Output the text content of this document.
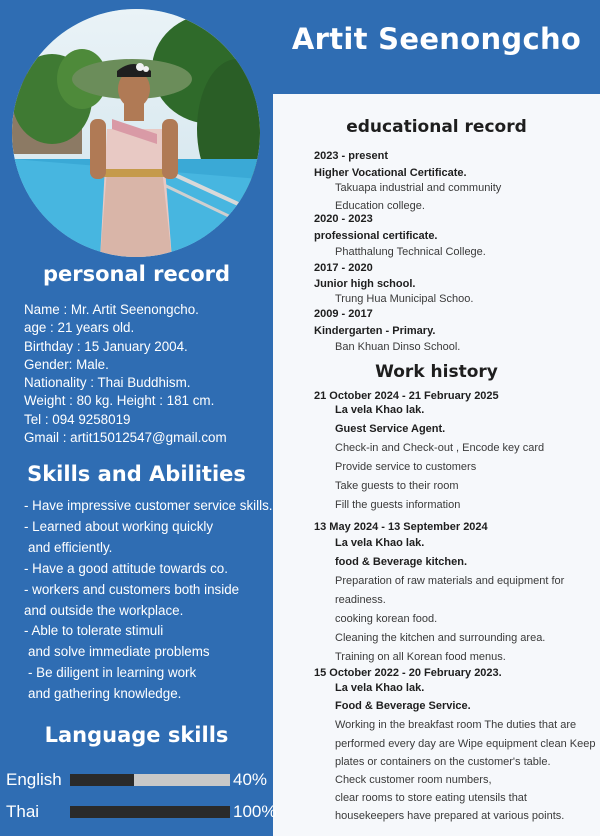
Artit Seenongcho
personal record
Name : Mr. Artit Seenongcho.
age : 21 years old.
Birthday : 15 January 2004.
Gender: Male.
Nationality : Thai Buddhism.
Weight : 80 kg. Height : 181 cm.
Tel : 094 9258019
Gmail : artit15012547@gmail.com
Skills and Abilities
- Have impressive customer service skills.
- Learned about working quickly
and efficiently.
- Have a good attitude towards co.
- workers and customers both inside
and outside the workplace.
- Able to tolerate stimuli
and solve immediate problems
- Be diligent in learning work
and gathering knowledge.
Language skills
English	40%
Thai	100%
educational record
2023 - present
Higher Vocational Certificate.
Takuapa industrial and community
Education college.
2020 - 2023
professional certificate.
Phatthalung Technical College.
2017 - 2020
Junior high school.
Trung Hua Municipal Schoo.
2009 - 2017
Kindergarten - Primary.
Ban Khuan Dinso School.
Work history
21 October 2024 - 21 February 2025
La vela Khao lak.
Guest Service Agent.
Check-in and Check-out , Encode key card
Provide service to customers
Take guests to their room
Fill the guests information
13 May 2024 - 13 September 2024
La vela Khao lak.
food & Beverage kitchen.
Preparation of raw materials and equipment for
readiness.
cooking korean food.
Cleaning the kitchen and surrounding area.
Training on all Korean food menus.
15 October 2022 - 20 February 2023.
La vela Khao lak.
Food & Beverage Service.
Working in the breakfast room The duties that are
performed every day are Wipe equipment clean Keep
plates or containers on the customer's table.
Check customer room numbers,
clear rooms to store eating utensils that
housekeepers have prepared at various points.
